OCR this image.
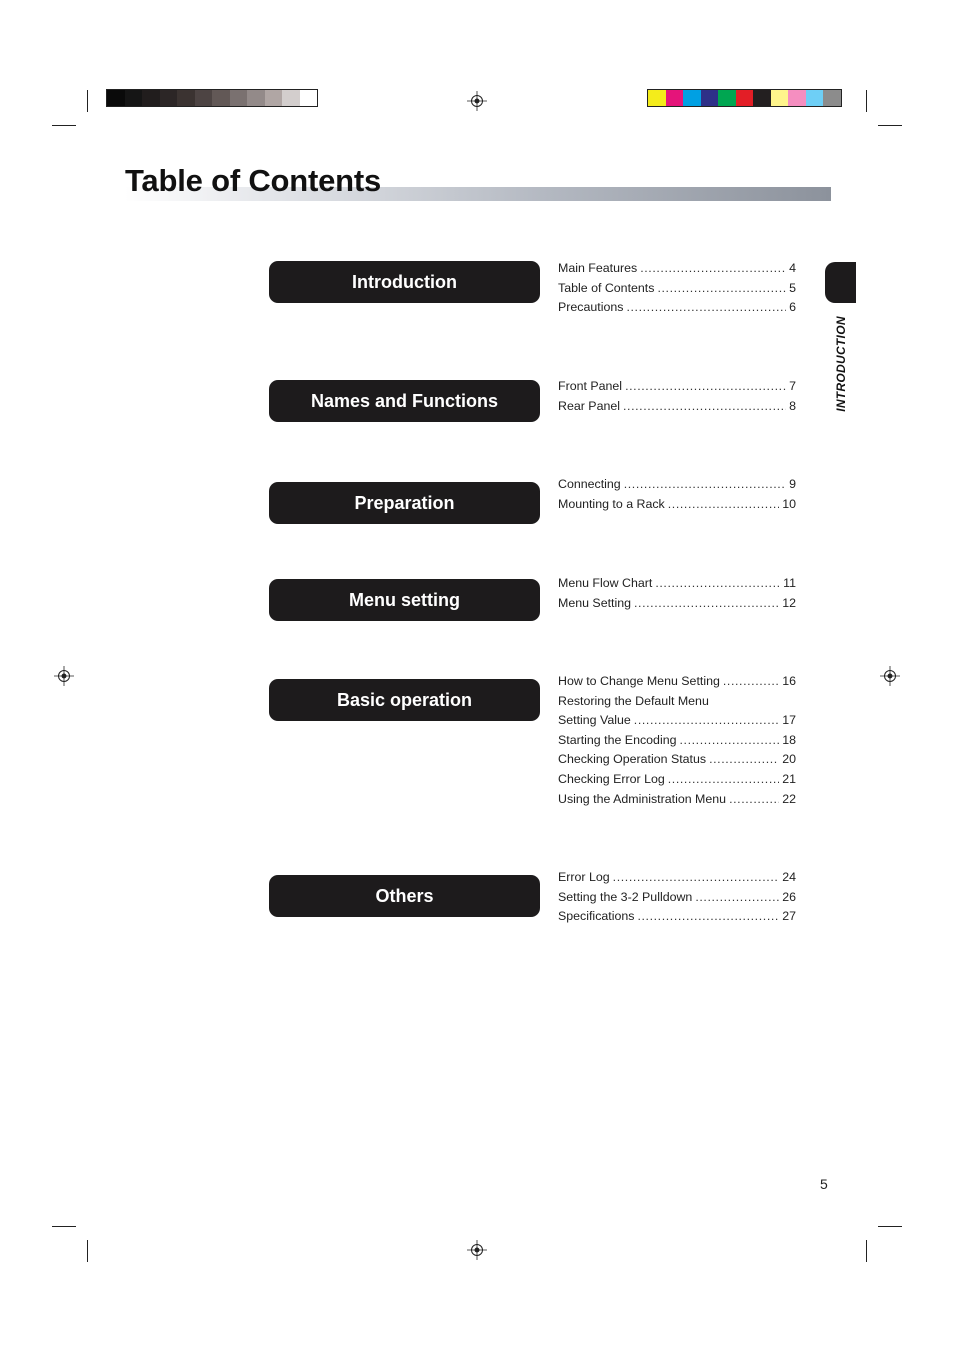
Table of Contents
INTRODUCTION
Introduction
Main Features .....	4
Table of Contents .....	5
Precautions .....	6
Names and Functions
Front Panel .....	7
Rear Panel .....	8
Preparation
Connecting .....	9
Mounting to a Rack .....	10
Menu setting
Menu Flow Chart .....	11
Menu Setting .....	12
Basic operation
How to Change Menu Setting .....	16
Restoring the Default Menu
Setting Value .....	17
Starting the Encoding .....	18
Checking Operation Status .....	20
Checking Error Log .....	21
Using the Administration Menu .....	22
Others
Error Log .....	24
Setting the 3-2 Pulldown .....	26
Specifications .....	27
5
